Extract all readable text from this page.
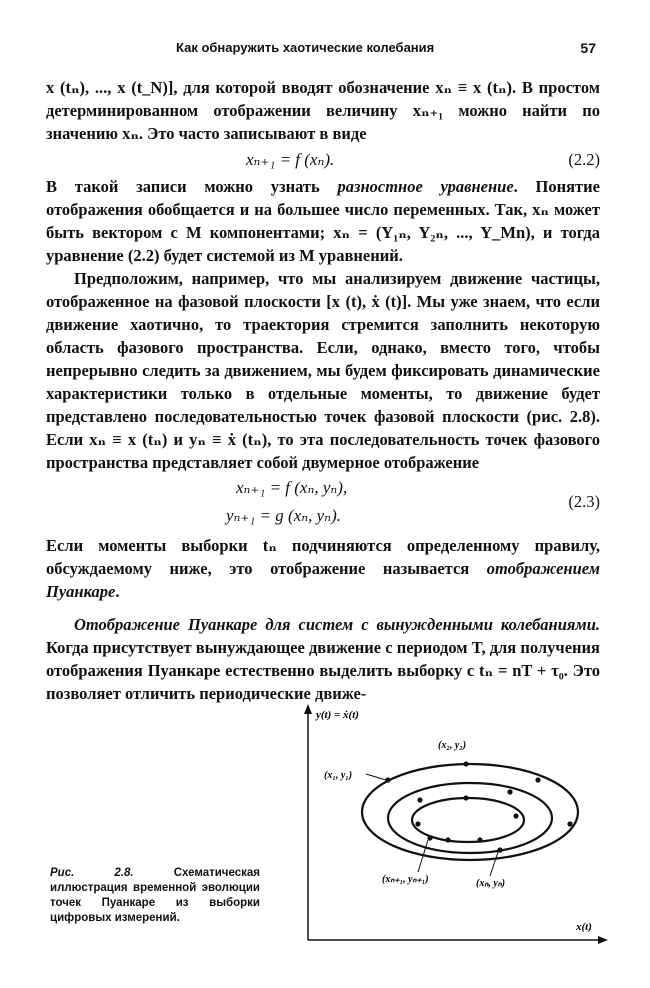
Как обнаружить хаотические колебания	57

x (tₙ), ..., x (t_N)], для которой вводят обозначение xₙ ≡ x (tₙ). В простом детерминированном отображении величину xₙ₊₁ можно найти по значению xₙ. Это часто записывают в виде

xₙ₊₁ = f (xₙ).	(2.2)

В такой записи можно узнать разностное уравнение. Понятие отображения обобщается и на большее число переменных. Так, xₙ может быть вектором с M компонентами; xₙ = (Y₁ₙ, Y₂ₙ, ..., Y_Mn), и тогда уравнение (2.2) будет системой из M уравнений.

Предположим, например, что мы анализируем движение частицы, отображенное на фазовой плоскости [x (t), ẋ (t)]. Мы уже знаем, что если движение хаотично, то траектория стремится заполнить некоторую область фазового пространства. Если, однако, вместо того, чтобы непрерывно следить за движением, мы будем фиксировать динамические характеристики только в отдельные моменты, то движение будет представлено последовательностью точек фазовой плоскости (рис. 2.8). Если xₙ ≡ x (tₙ) и yₙ ≡ ẋ (tₙ), то эта последовательность точек фазового пространства представляет собой двумерное отображение

xₙ₊₁ = f (xₙ, yₙ),
yₙ₊₁ = g (xₙ, yₙ).
(2.3)

Если моменты выборки tₙ подчиняются определенному правилу, обсуждаемому ниже, это отображение называется отображением Пуанкаре.

Отображение Пуанкаре для систем с вынужденными колебаниями. Когда присутствует вынуждающее движение с периодом T, для получения отображения Пуанкаре естественно выделить выборку с tₙ = nT + τ₀. Это позволяет отличить периодические движе-

y(t) = ẋ(t)
x(t)
(x₁, y₁)
(x₂, y₂)
(xₙ₊₁, yₙ₊₁)	(xₙ, yₙ)
Рис. 2.8.	Схематическая иллюстрация временной эволюции точек Пуанкаре из выборки цифровых измерений.
